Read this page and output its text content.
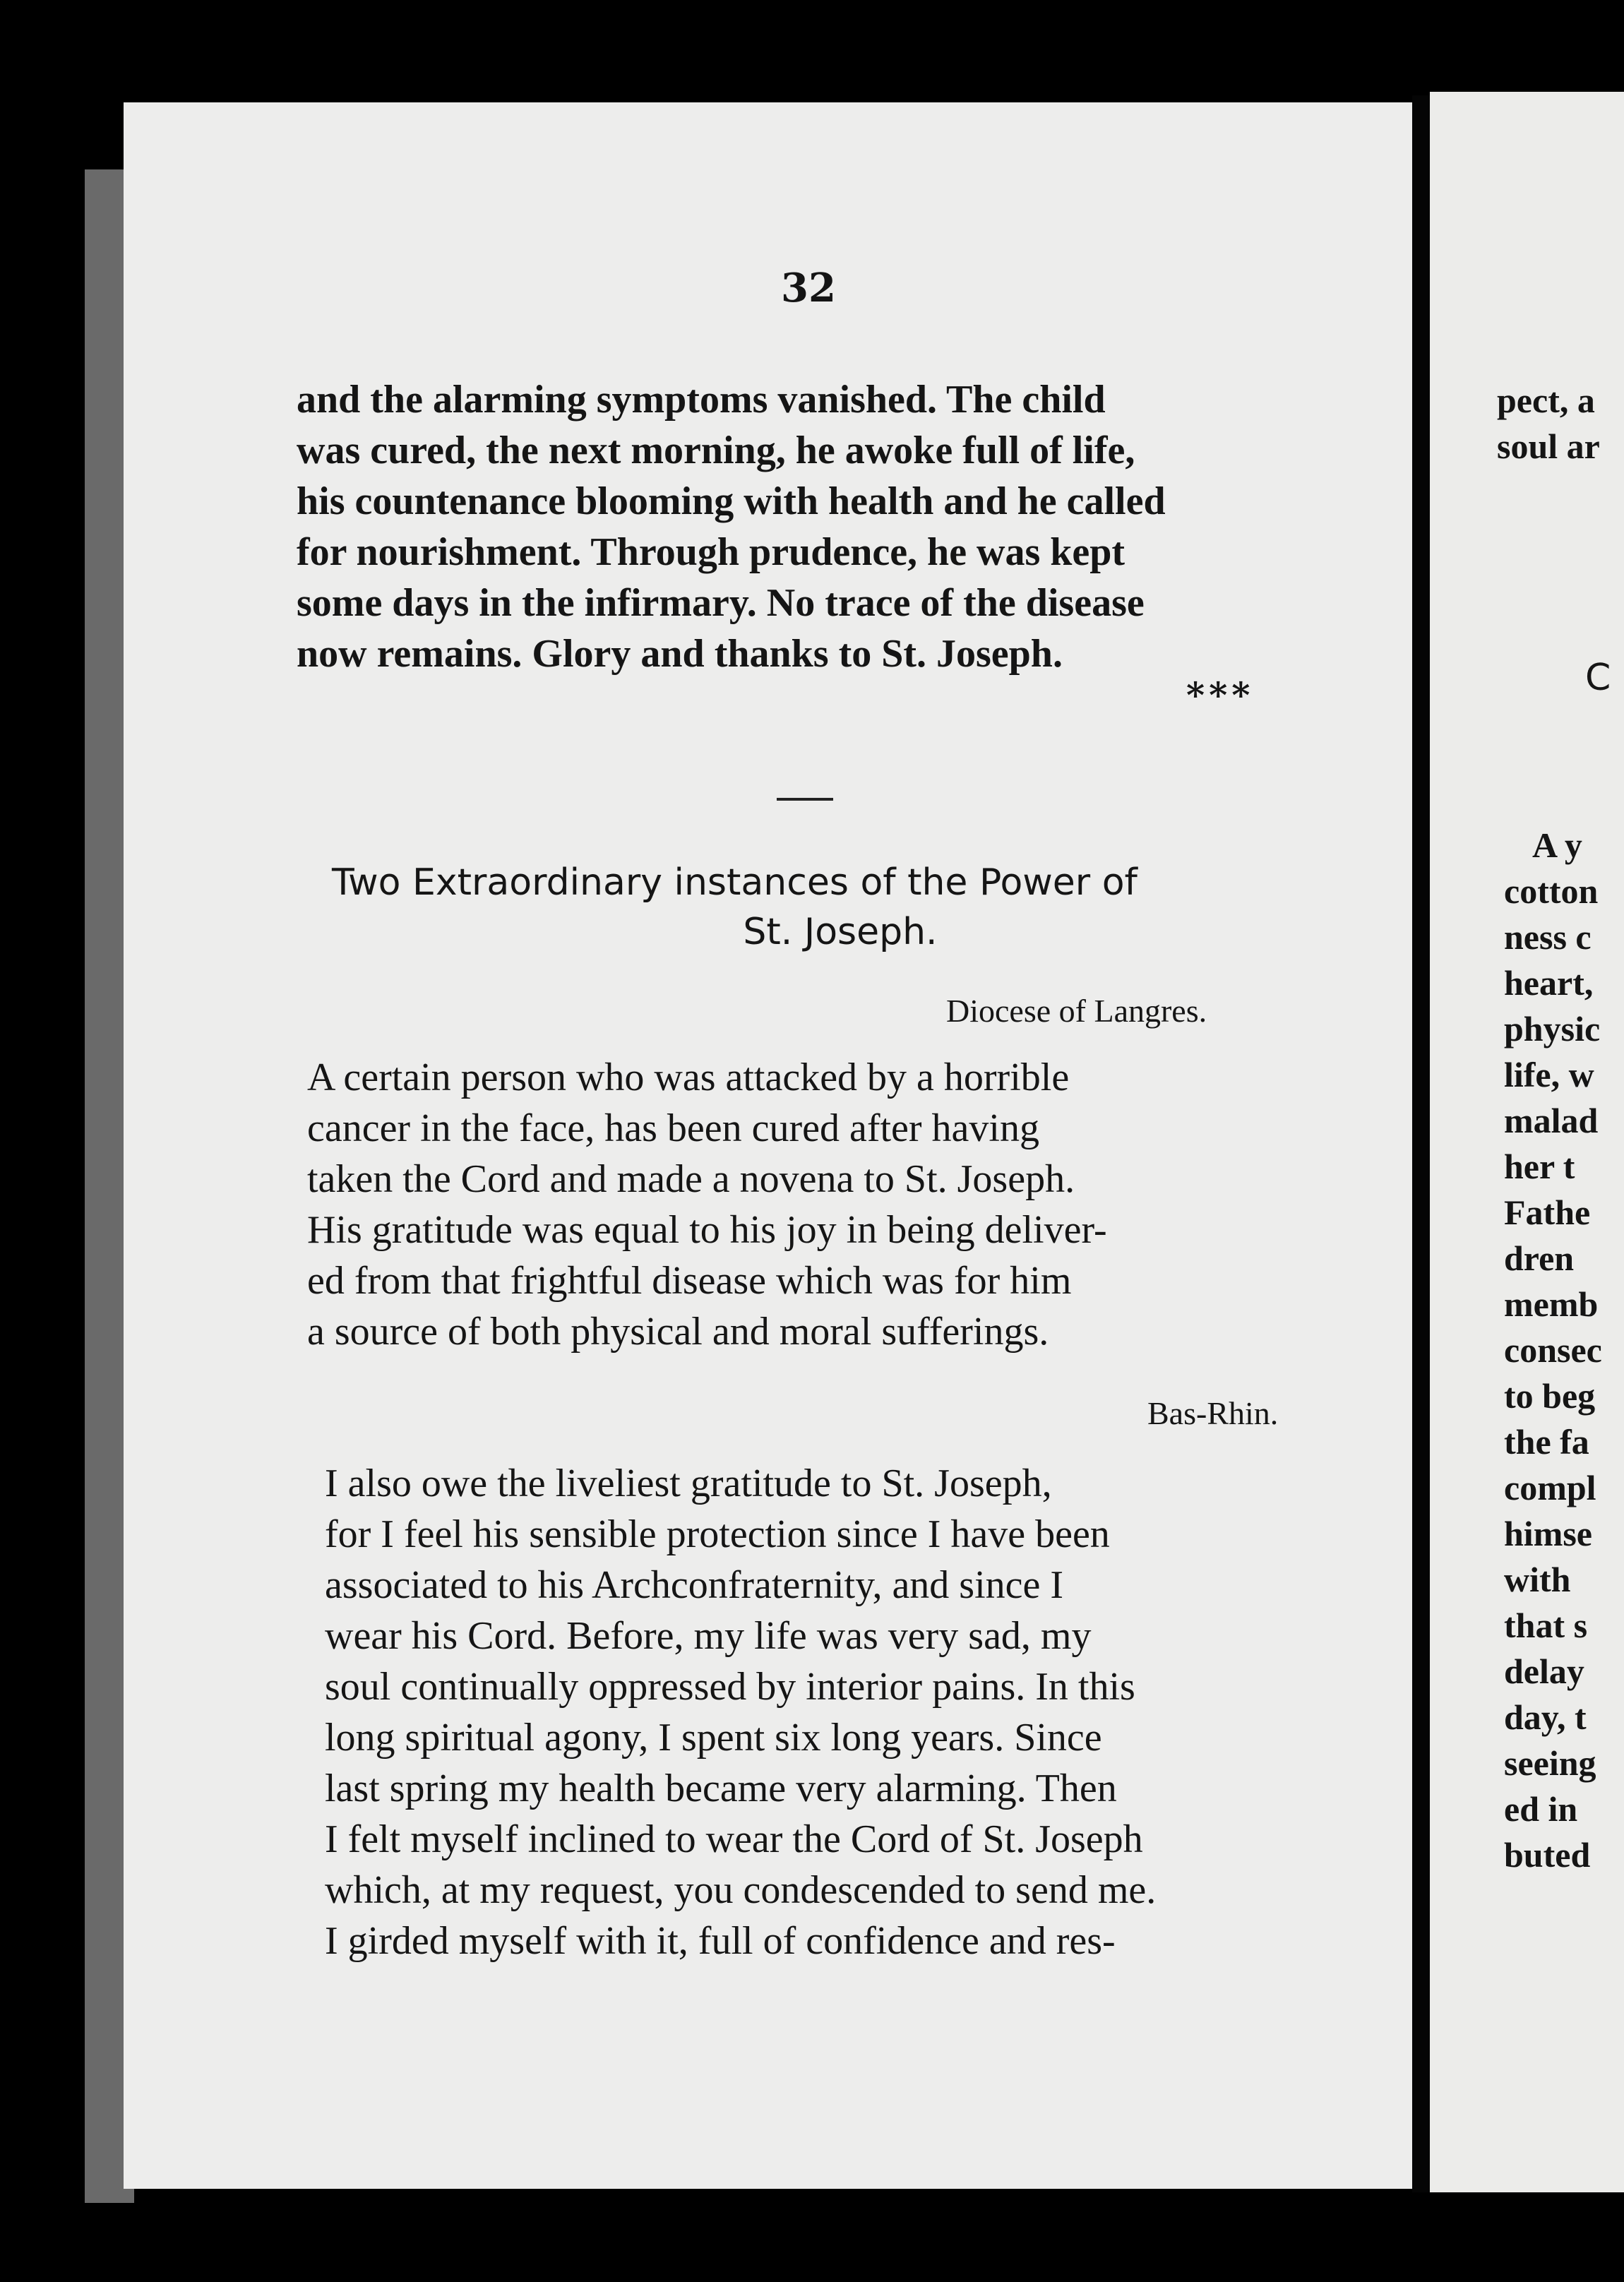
32
and the alarming symptoms vanished. The child
was cured, the next morning, he awoke full of life,
his countenance blooming with health and he called
for nourishment. Through prudence, he was kept
some days in the infirmary. No trace of the disease
now remains. Glory and thanks to St. Joseph.
***
Two Extraordinary instances of the Power of
St. Joseph.
Diocese of Langres.
A certain person who was attacked by a horrible
cancer in the face, has been cured after having
taken the Cord and made a novena to St. Joseph.
His gratitude was equal to his joy in being deliver-
ed from that frightful disease which was for him
a source of both physical and moral sufferings.
Bas-Rhin.
I also owe the liveliest gratitude to St. Joseph,
for I feel his sensible protection since I have been
associated to his Archconfraternity, and since I
wear his Cord. Before, my life was very sad, my
soul continually oppressed by interior pains. In this
long spiritual agony, I spent six long years. Since
last spring my health became very alarming. Then
I felt myself inclined to wear the Cord of St. Joseph
which, at my request, you condescended to send me.
I girded myself with it, full of confidence and res-
pect, a
soul ar
C
A y
cotton
ness c
heart,
physic
life, w
malad
her t
Fathe
dren
memb
consec
to beg
the fa
compl
himse
with
that s
delay
day, t
seeing
ed in
buted
